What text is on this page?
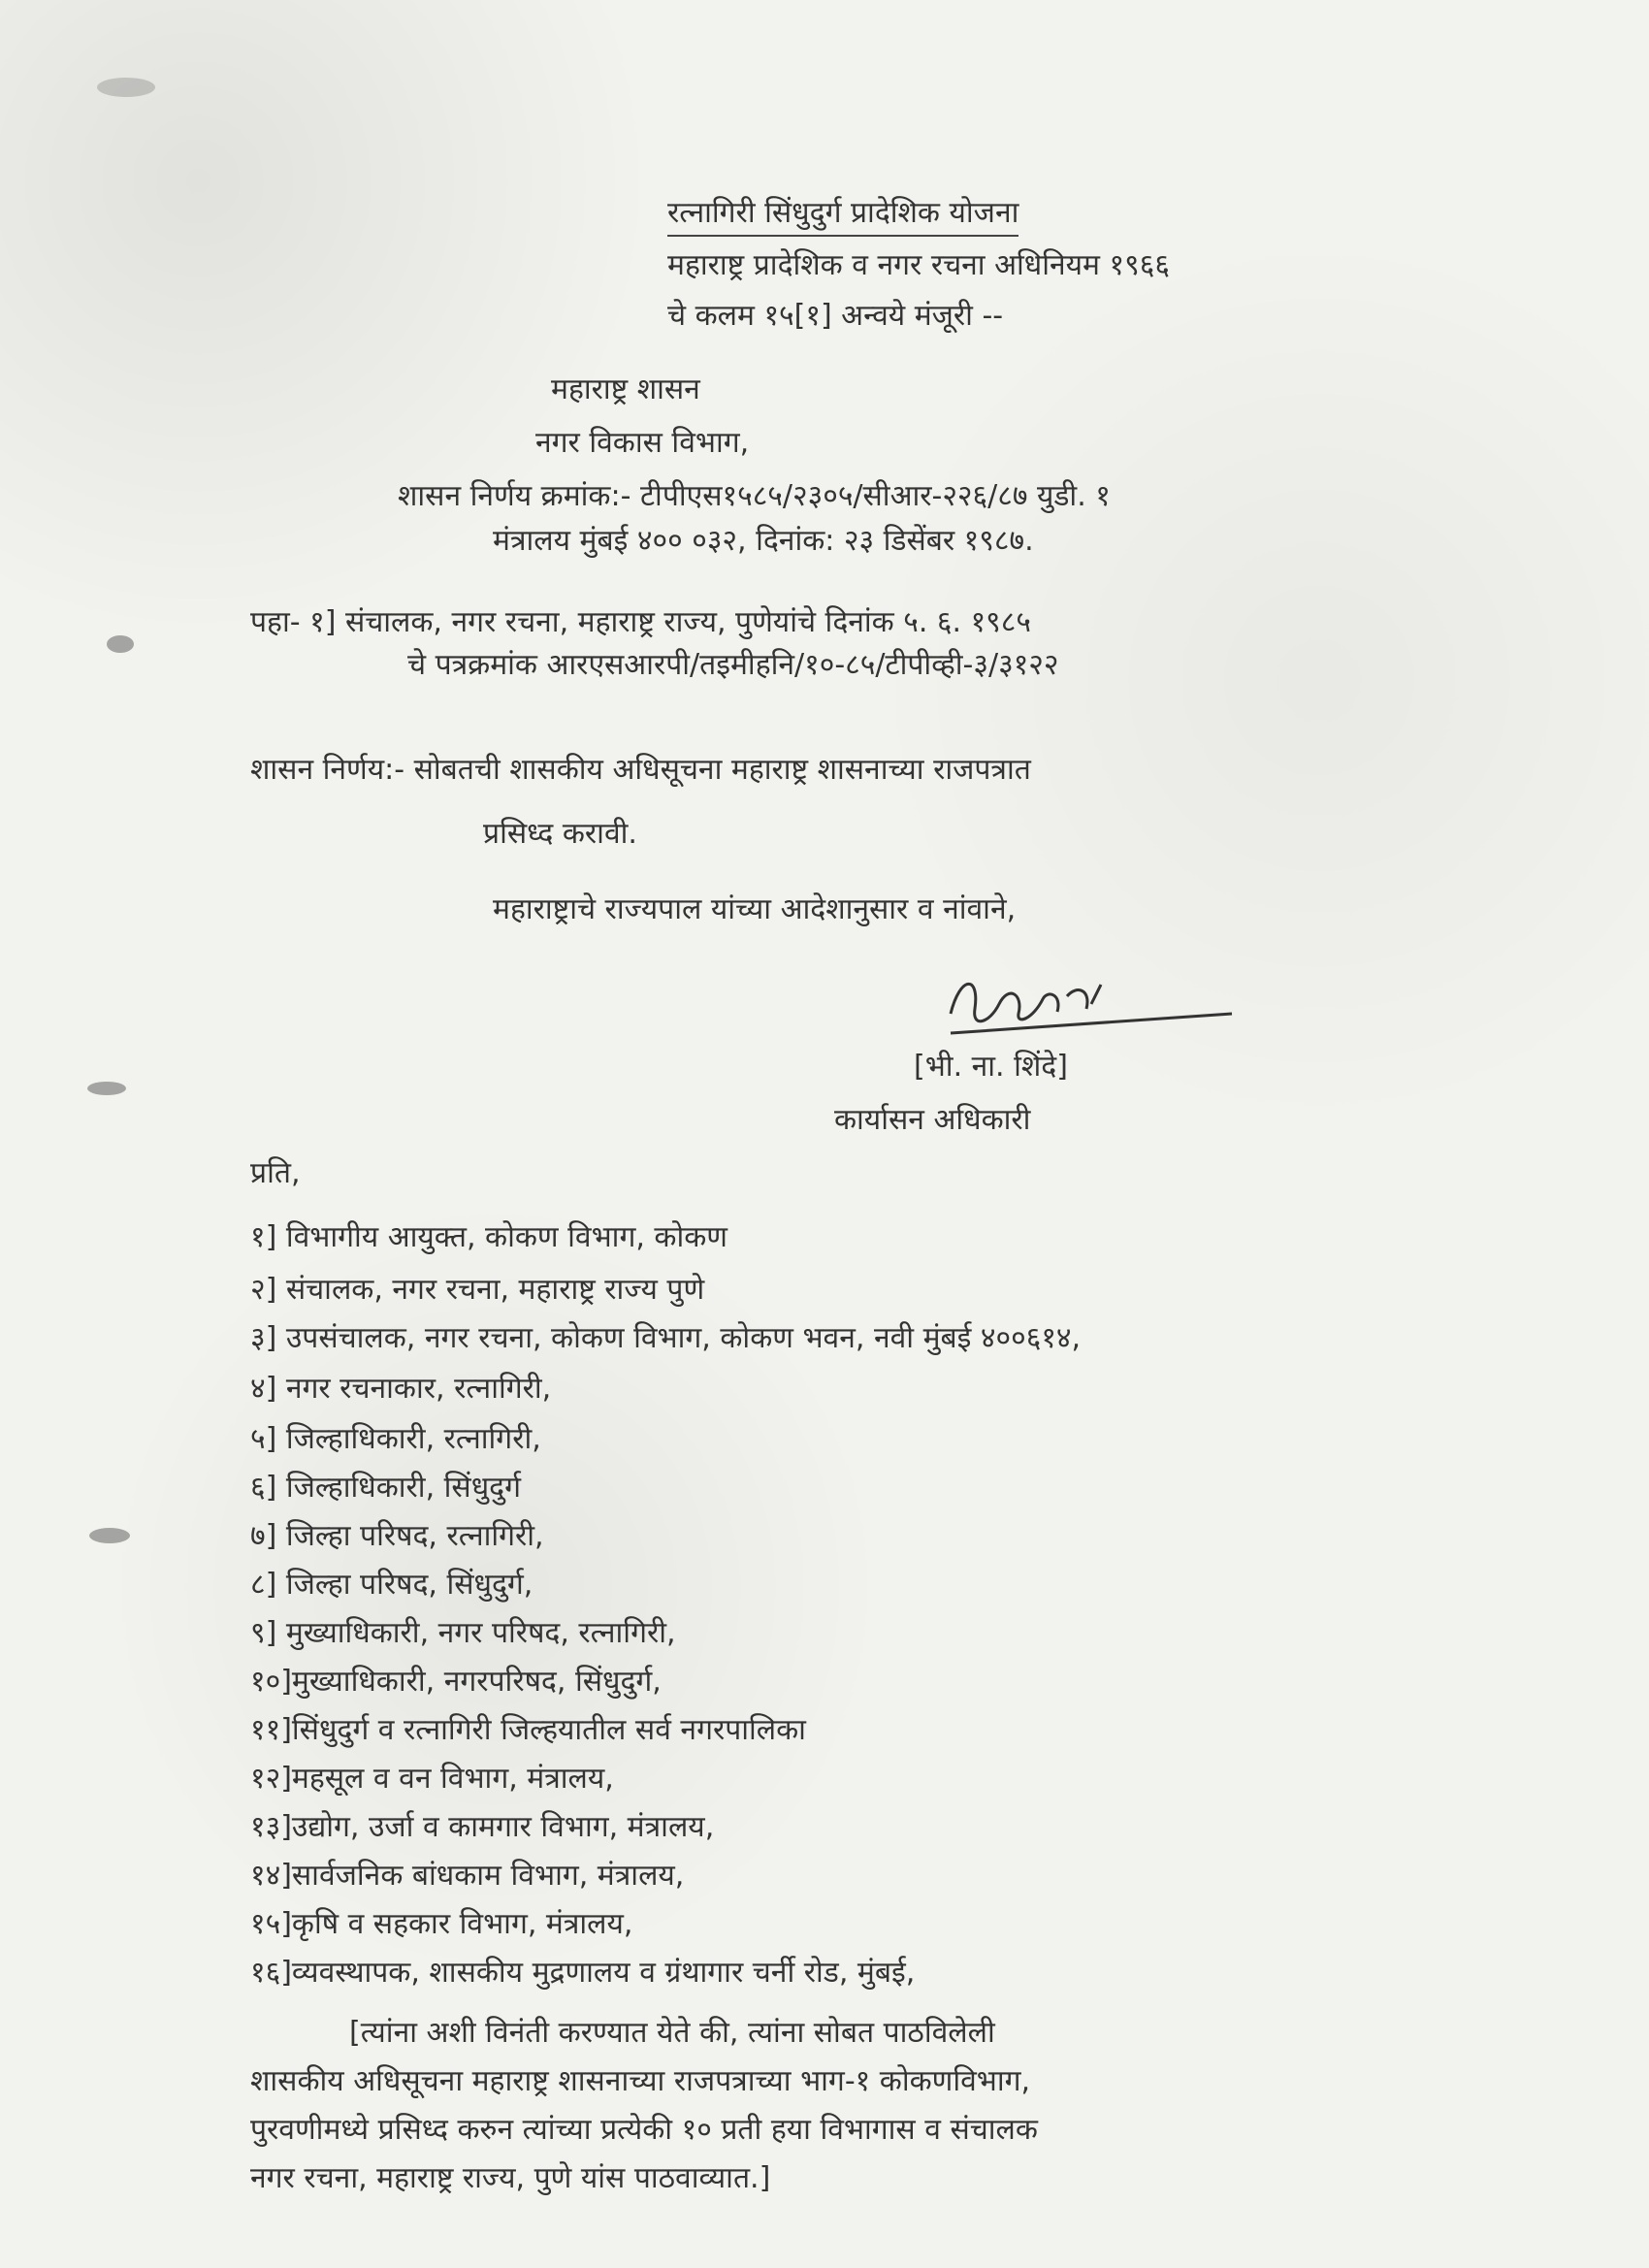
रत्नागिरी सिंधुदुर्ग प्रादेशिक योजना
महाराष्ट्र प्रादेशिक व नगर रचना अधिनियम १९६६
चे कलम १५[१] अन्वये मंजूरी --
महाराष्ट्र शासन
नगर विकास विभाग,
शासन निर्णय क्रमांक:- टीपीएस१५८५/२३०५/सीआर-२२६/८७ युडी. १
मंत्रालय मुंबई ४०० ०३२, दिनांक: २३ डिसेंबर १९८७.
पहा- १] संचालक, नगर रचना, महाराष्ट्र राज्य, पुणेयांचे दिनांक ५. ६. १९८५
चे पत्रक्रमांक आरएसआरपी/तइमीहनि/१०-८५/टीपीव्ही-३/३१२२
शासन निर्णय:- सोबतची शासकीय अधिसूचना महाराष्ट्र शासनाच्या राजपत्रात
प्रसिध्द करावी.
महाराष्ट्राचे राज्यपाल यांच्या आदेशानुसार व नांवाने,
[भी. ना. शिंदे]
कार्यासन अधिकारी
प्रति,
१] विभागीय आयुक्त, कोकण विभाग, कोकण
२] संचालक, नगर रचना, महाराष्ट्र राज्य पुणे
३] उपसंचालक, नगर रचना, कोकण विभाग, कोकण भवन, नवी मुंबई ४००६१४,
४] नगर रचनाकार, रत्नागिरी,
५] जिल्हाधिकारी, रत्नागिरी,
६] जिल्हाधिकारी, सिंधुदुर्ग
७] जिल्हा परिषद, रत्नागिरी,
८] जिल्हा परिषद, सिंधुदुर्ग,
९] मुख्याधिकारी, नगर परिषद, रत्नागिरी,
१०]मुख्याधिकारी, नगरपरिषद, सिंधुदुर्ग,
११]सिंधुदुर्ग व रत्नागिरी जिल्हयातील सर्व नगरपालिका
१२]महसूल व वन विभाग, मंत्रालय,
१३]उद्योग, उर्जा व कामगार विभाग, मंत्रालय,
१४]सार्वजनिक बांधकाम विभाग, मंत्रालय,
१५]कृषि व सहकार विभाग, मंत्रालय,
१६]व्यवस्थापक, शासकीय मुद्रणालय व ग्रंथागार चर्नी रोड, मुंबई,
[त्यांना अशी विनंती करण्यात येते की, त्यांना सोबत पाठविलेली
शासकीय अधिसूचना महाराष्ट्र शासनाच्या राजपत्राच्या भाग-१ कोकणविभाग,
पुरवणीमध्ये प्रसिध्द करुन त्यांच्या प्रत्येकी १० प्रती हया विभागास व संचालक
नगर रचना, महाराष्ट्र राज्य, पुणे यांस पाठवाव्यात.]
